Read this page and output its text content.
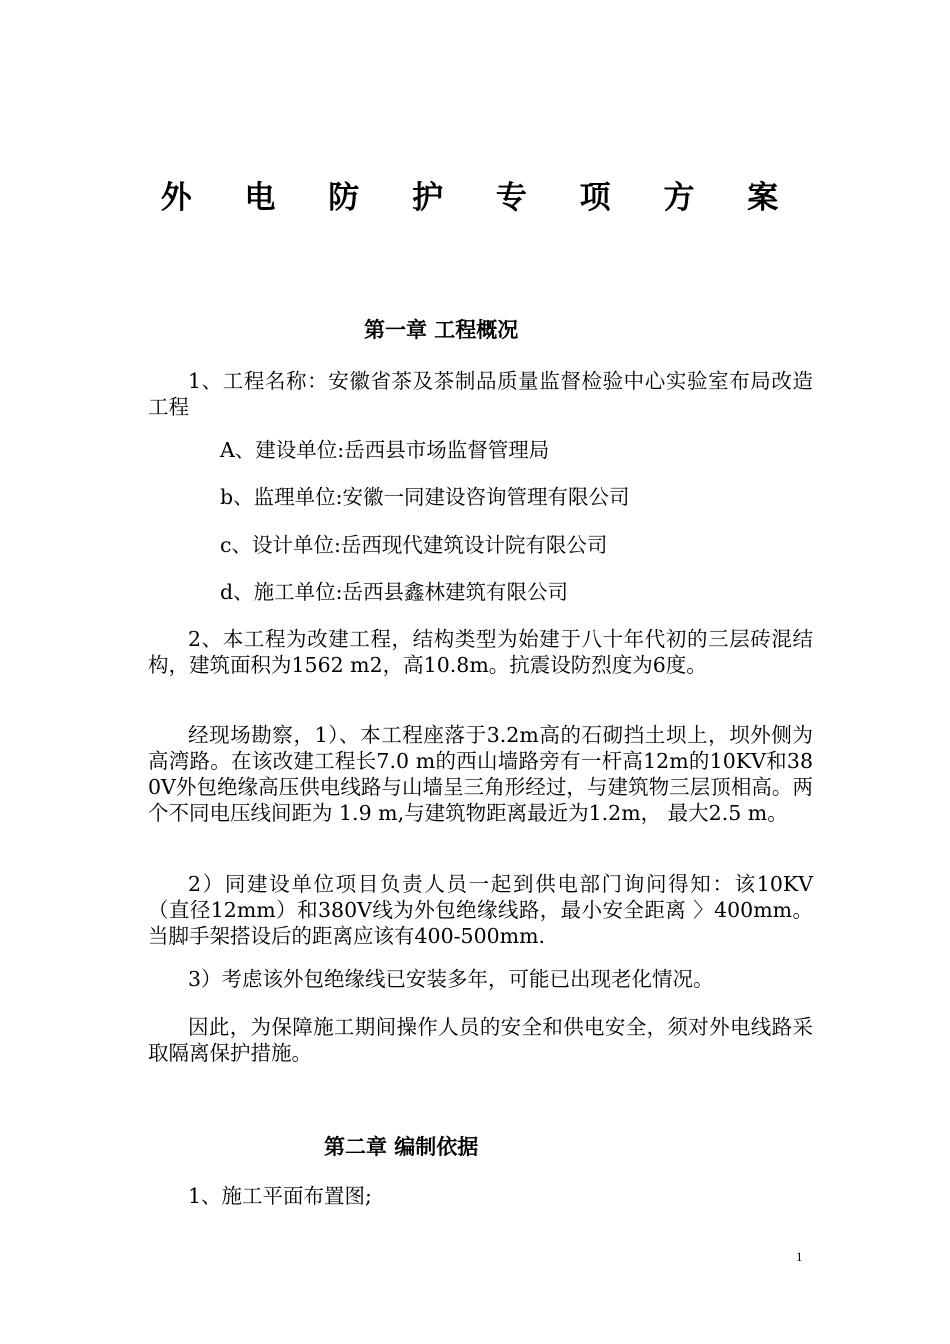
外 电 防 护 专 项 方 案
第一章 工程概况

1、工程名称：安徽省茶及茶制品质量监督检验中心实验室布局改造工程

A、建设单位:岳西县市场监督管理局

b、监理单位:安徽一同建设咨询管理有限公司

c、设计单位:岳西现代建筑设计院有限公司

d、施工单位:岳西县鑫林建筑有限公司

2、本工程为改建工程，结构类型为始建于八十年代初的三层砖混结构，建筑面积为1562 m2，高10.8m。抗震设防烈度为6度。

经现场勘察，1）、本工程座落于3.2m高的石砌挡土坝上，坝外侧为高湾路。在该改建工程长7.0 m的西山墙路旁有一杆高12m的10KV和380V外包绝缘高压供电线路与山墙呈三角形经过，与建筑物三层顶相高。两个不同电压线间距为 1.9 m,与建筑物距离最近为1.2m， 最大2.5 m。

2）同建设单位项目负责人员一起到供电部门询问得知：该10KV （直径12mm）和380V线为外包绝缘线路，最小安全距离 〉400mm。当脚手架搭设后的距离应该有400-500mm.

3）考虑该外包绝缘线已安装多年，可能已出现老化情况。

因此，为保障施工期间操作人员的安全和供电安全，须对外电线路采取隔离保护措施。

第二章 编制依据

1、施工平面布置图;

1
